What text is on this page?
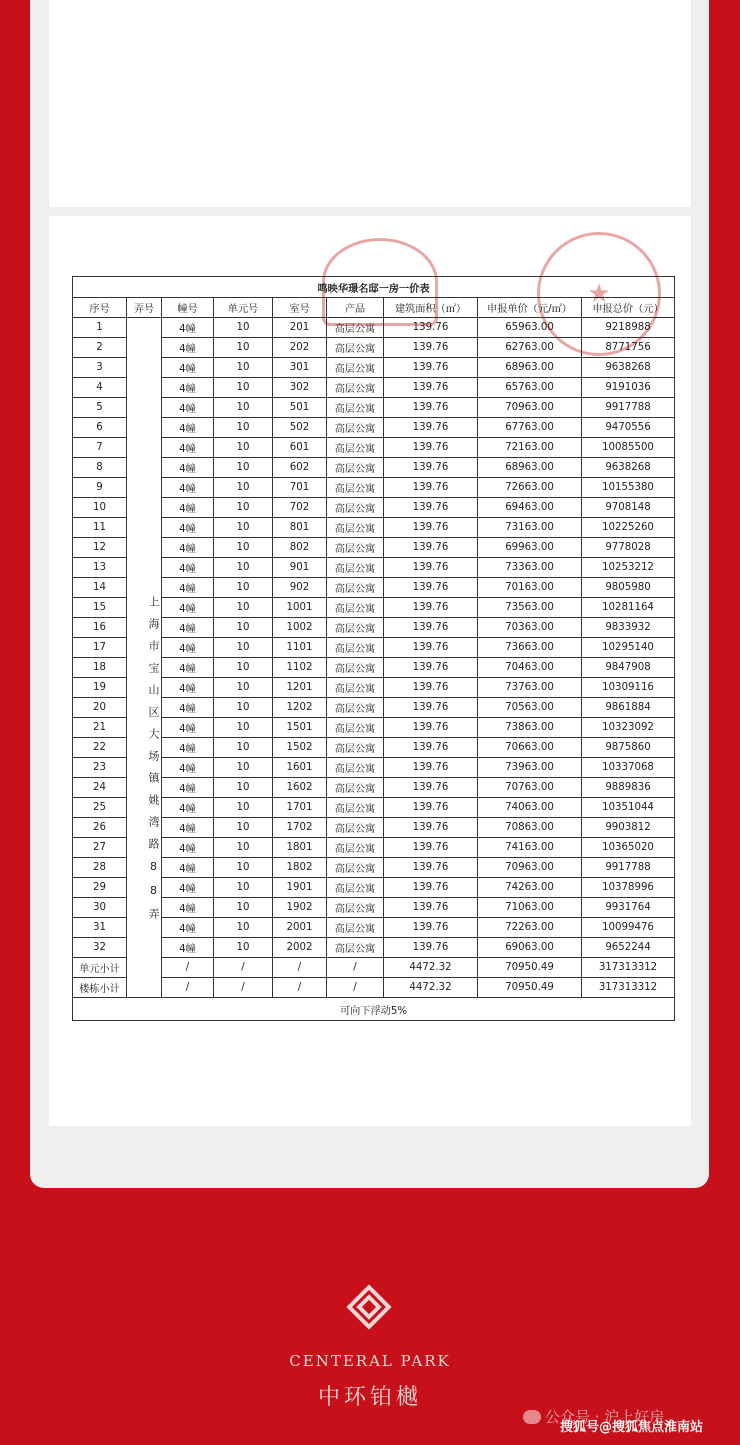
★
鸣映华璟名邸一房一价表								
序号	弄号	幢号	单元号	室号	产品	建筑面积（㎡）	申报单价（元/㎡）	申报总价（元）
1	上海市宝山区大场镇姚湾路88弄	4幢	10	201	高层公寓	139.76	65963.00	9218988
2		4幢	10	202	高层公寓	139.76	62763.00	8771756
3		4幢	10	301	高层公寓	139.76	68963.00	9638268
4		4幢	10	302	高层公寓	139.76	65763.00	9191036
5		4幢	10	501	高层公寓	139.76	70963.00	9917788
6		4幢	10	502	高层公寓	139.76	67763.00	9470556
7		4幢	10	601	高层公寓	139.76	72163.00	10085500
8		4幢	10	602	高层公寓	139.76	68963.00	9638268
9		4幢	10	701	高层公寓	139.76	72663.00	10155380
10		4幢	10	702	高层公寓	139.76	69463.00	9708148
11		4幢	10	801	高层公寓	139.76	73163.00	10225260
12		4幢	10	802	高层公寓	139.76	69963.00	9778028
13		4幢	10	901	高层公寓	139.76	73363.00	10253212
14		4幢	10	902	高层公寓	139.76	70163.00	9805980
15		4幢	10	1001	高层公寓	139.76	73563.00	10281164
16		4幢	10	1002	高层公寓	139.76	70363.00	9833932
17		4幢	10	1101	高层公寓	139.76	73663.00	10295140
18		4幢	10	1102	高层公寓	139.76	70463.00	9847908
19		4幢	10	1201	高层公寓	139.76	73763.00	10309116
20		4幢	10	1202	高层公寓	139.76	70563.00	9861884
21		4幢	10	1501	高层公寓	139.76	73863.00	10323092
22		4幢	10	1502	高层公寓	139.76	70663.00	9875860
23		4幢	10	1601	高层公寓	139.76	73963.00	10337068
24		4幢	10	1602	高层公寓	139.76	70763.00	9889836
25		4幢	10	1701	高层公寓	139.76	74063.00	10351044
26		4幢	10	1702	高层公寓	139.76	70863.00	9903812
27		4幢	10	1801	高层公寓	139.76	74163.00	10365020
28		4幢	10	1802	高层公寓	139.76	70963.00	9917788
29		4幢	10	1901	高层公寓	139.76	74263.00	10378996
30		4幢	10	1902	高层公寓	139.76	71063.00	9931764
31		4幢	10	2001	高层公寓	139.76	72263.00	10099476
32		4幢	10	2002	高层公寓	139.76	69063.00	9652244
单元小计		/	/	/	/	4472.32	70950.49	317313312
楼栋小计		/	/	/	/	4472.32	70950.49	317313312
可向下浮动5%								
CENTERAL PARK
中环铂樾
公众号 · 沪上好房
搜狐号@搜狐焦点淮南站
